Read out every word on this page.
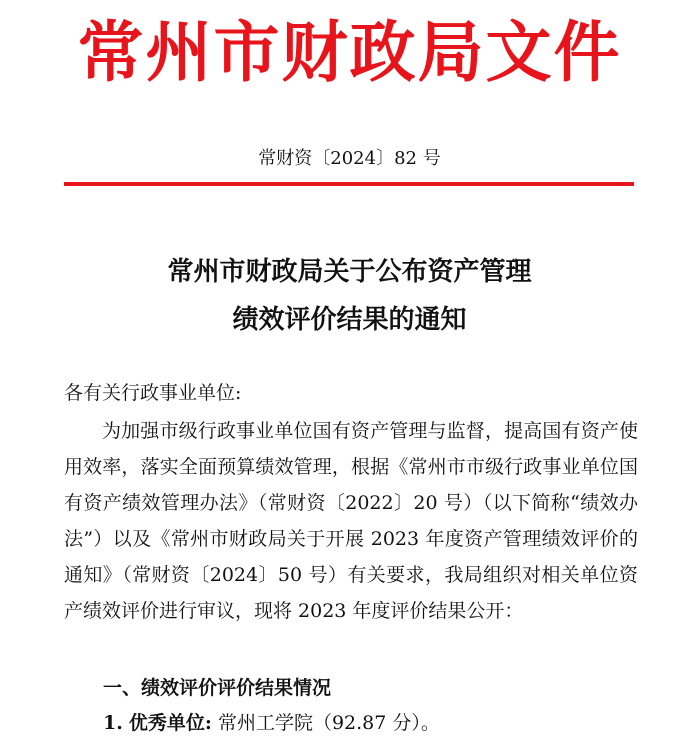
常州市财政局文件
常财资〔2024〕82 号
常州市财政局关于公布资产管理
绩效评价结果的通知
各有关行政事业单位:

为加强市级行政事业单位国有资产管理与监督，提高国有资产使用效率，落实全面预算绩效管理，根据《常州市市级行政事业单位国有资产绩效管理办法》（常财资〔2022〕20 号）（以下简称“绩效办法”）以及《常州市财政局关于开展 2023 年度资产管理绩效评价的通知》（常财资〔2024〕50 号）有关要求，我局组织对相关单位资产绩效评价进行审议，现将 2023 年度评价结果公开：

一、绩效评价评价结果情况
1. 优秀单位: 常州工学院（92.87 分）。
